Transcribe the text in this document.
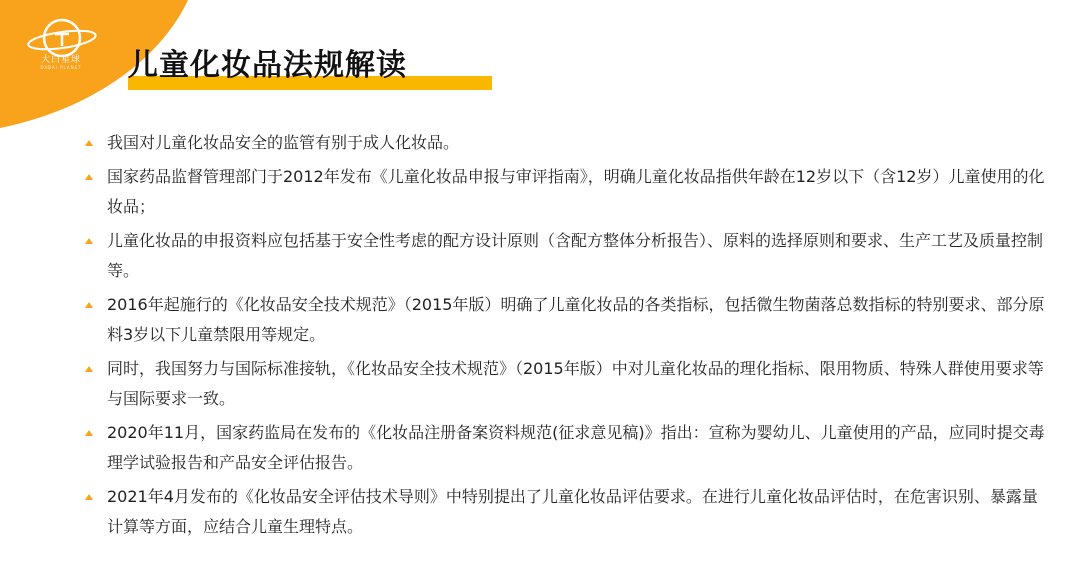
大白星球
DABAI PLANET	儿童化妆品法规解读
我国对儿童化妆品安全的监管有别于成人化妆品。
国家药品监督管理部门于2012年发布《儿童化妆品申报与审评指南》，明确儿童化妆品指供年龄在12岁以下（含12岁）儿童使用的化妆品；
儿童化妆品的申报资料应包括基于安全性考虑的配方设计原则（含配方整体分析报告）、原料的选择原则和要求、生产工艺及质量控制等。
2016年起施行的《化妆品安全技术规范》（2015年版）明确了儿童化妆品的各类指标，包括微生物菌落总数指标的特别要求、部分原料3岁以下儿童禁限用等规定。
同时，我国努力与国际标准接轨，《化妆品安全技术规范》（2015年版）中对儿童化妆品的理化指标、限用物质、特殊人群使用要求等与国际要求一致。
2020年11月，国家药监局在发布的《化妆品注册备案资料规范(征求意见稿)》指出：宣称为婴幼儿、儿童使用的产品，应同时提交毒理学试验报告和产品安全评估报告。
2021年4月发布的《化妆品安全评估技术导则》中特别提出了儿童化妆品评估要求。在进行儿童化妆品评估时，在危害识别、暴露量计算等方面，应结合儿童生理特点。
